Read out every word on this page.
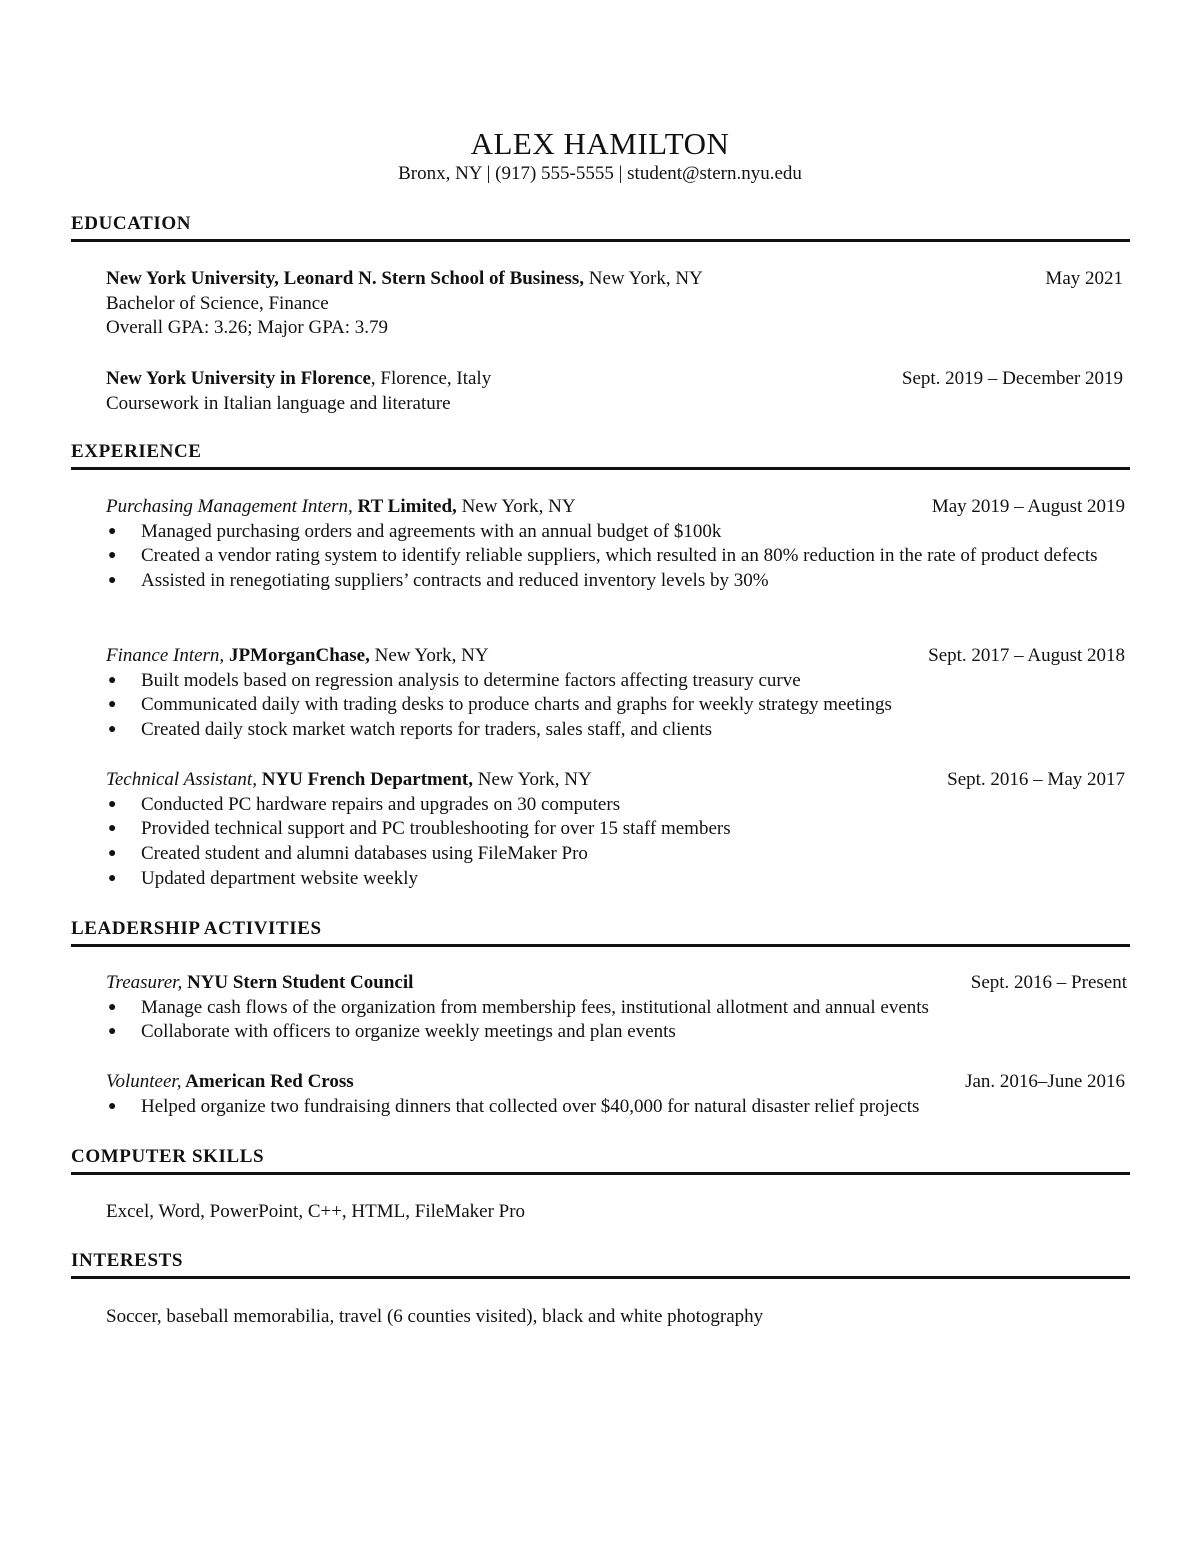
ALEX HAMILTON
Bronx, NY | (917) 555-5555 | student@stern.nyu.edu
EDUCATION
New York University, Leonard N. Stern School of Business, New York, NY	May 2021
Bachelor of Science, Finance
Overall GPA: 3.26; Major GPA: 3.79
New York University in Florence, Florence, Italy	Sept. 2019 – December 2019
Coursework in Italian language and literature
EXPERIENCE
Purchasing Management Intern, RT Limited, New York, NY	May 2019 – August 2019
● Managed purchasing orders and agreements with an annual budget of $100k
● Created a vendor rating system to identify reliable suppliers, which resulted in an 80% reduction in the rate of product defects
● Assisted in renegotiating suppliers’ contracts and reduced inventory levels by 30%
Finance Intern, JPMorganChase, New York, NY	Sept. 2017 – August 2018
● Built models based on regression analysis to determine factors affecting treasury curve
● Communicated daily with trading desks to produce charts and graphs for weekly strategy meetings
● Created daily stock market watch reports for traders, sales staff, and clients
Technical Assistant, NYU French Department, New York, NY	Sept. 2016 – May 2017
● Conducted PC hardware repairs and upgrades on 30 computers
● Provided technical support and PC troubleshooting for over 15 staff members
● Created student and alumni databases using FileMaker Pro
● Updated department website weekly
LEADERSHIP ACTIVITIES
Treasurer, NYU Stern Student Council	Sept. 2016 – Present
● Manage cash flows of the organization from membership fees, institutional allotment and annual events
● Collaborate with officers to organize weekly meetings and plan events
Volunteer, American Red Cross	Jan. 2016–June 2016
● Helped organize two fundraising dinners that collected over $40,000 for natural disaster relief projects
COMPUTER SKILLS
Excel, Word, PowerPoint, C++, HTML, FileMaker Pro
INTERESTS
Soccer, baseball memorabilia, travel (6 counties visited), black and white photography
